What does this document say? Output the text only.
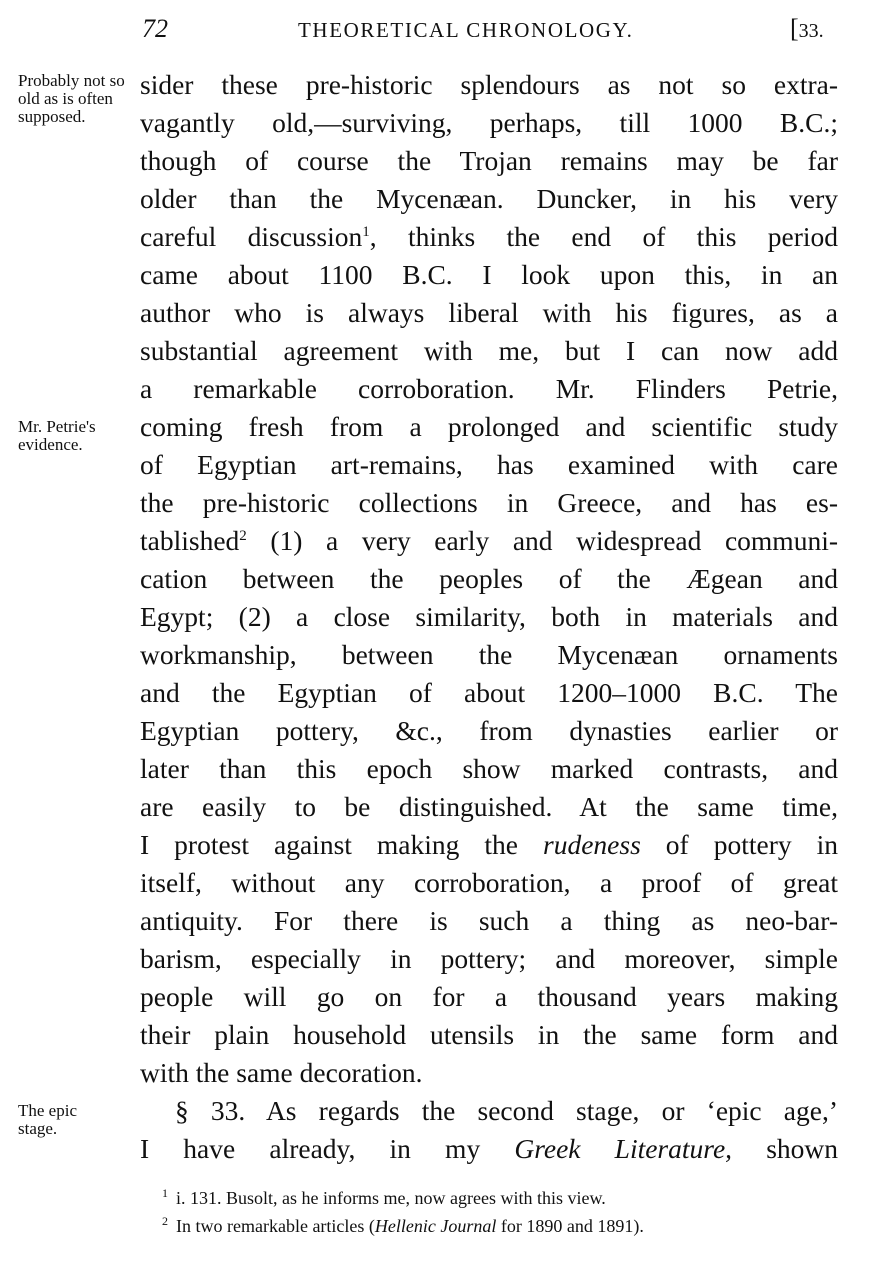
72	THEORETICAL CHRONOLOGY.	[33.
Probably not so old as is often supposed.
Mr. Petrie's evidence.
The epic stage.
sider these pre-historic splendours as not so extra-
vagantly old,—surviving, perhaps, till 1000 B.C.;
though of course the Trojan remains may be far
older than the Mycenæan. Duncker, in his very
careful discussion$^1$, thinks the end of this period
came about 1100 B.C. I look upon this, in an
author who is always liberal with his figures, as a
substantial agreement with me, but I can now add
a remarkable corroboration. Mr. Flinders Petrie,
coming fresh from a prolonged and scientific study
of Egyptian art-remains, has examined with care
the pre-historic collections in Greece, and has es-
tablished$^2$ (1) a very early and widespread communi-
cation between the peoples of the Ægean and
Egypt; (2) a close similarity, both in materials and
workmanship, between the Mycenæan ornaments
and the Egyptian of about 1200–1000 B.C. The
Egyptian pottery, &c., from dynasties earlier or
later than this epoch show marked contrasts, and
are easily to be distinguished. At the same time,
I protest against making the rudeness of pottery in
itself, without any corroboration, a proof of great
antiquity. For there is such a thing as neo-bar-
barism, especially in pottery; and moreover, simple
people will go on for a thousand years making
their plain household utensils in the same form and
with the same decoration.
§ 33. As regards the second stage, or ‘epic age,’
I have already, in my Greek Literature, shown
$^1$ i. 131. Busolt, as he informs me, now agrees with this view.
$^2$ In two remarkable articles (Hellenic Journal for 1890 and 1891).
